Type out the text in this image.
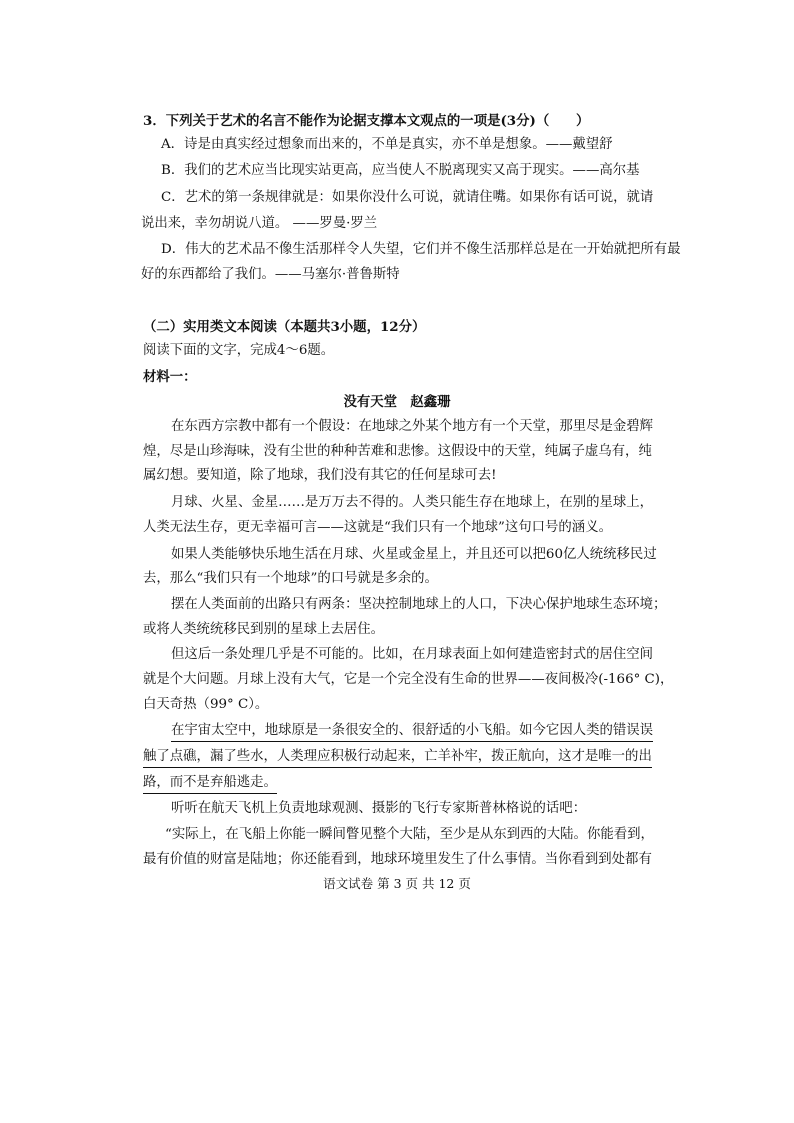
3．下列关于艺术的名言不能作为论据支撑本文观点的一项是(3分)（　　）
A．诗是由真实经过想象而出来的，不单是真实，亦不单是想象。——戴望舒
B．我们的艺术应当比现实站更高，应当使人不脱离现实又高于现实。——高尔基
C．艺术的第一条规律就是：如果你没什么可说，就请住嘴。如果你有话可说，就请
说出来，幸勿胡说八道。 ——罗曼·罗兰
D．伟大的艺术品不像生活那样令人失望，它们并不像生活那样总是在一开始就把所有最
好的东西都给了我们。——马塞尔·普鲁斯特
（二）实用类文本阅读（本题共3小题，12分）
阅读下面的文字，完成4～6题。
材料一：
没有天堂　赵鑫珊
在东西方宗教中都有一个假设：在地球之外某个地方有一个天堂，那里尽是金碧辉
煌，尽是山珍海味，没有尘世的种种苦难和悲惨。这假设中的天堂，纯属子虚乌有，纯
属幻想。要知道，除了地球，我们没有其它的任何星球可去!
月球、火星、金星……是万万去不得的。人类只能生存在地球上，在别的星球上，
人类无法生存，更无幸福可言——这就是“我们只有一个地球”这句口号的涵义。
如果人类能够快乐地生活在月球、火星或金星上，并且还可以把60亿人统统移民过
去，那么“我们只有一个地球”的口号就是多余的。
摆在人类面前的出路只有两条：坚决控制地球上的人口，下决心保护地球生态环境；
或将人类统统移民到别的星球上去居住。
但这后一条处理几乎是不可能的。比如，在月球表面上如何建造密封式的居住空间
就是个大问题。月球上没有大气，它是一个完全没有生命的世界——夜间极冷(-166° C)，
白天奇热（99° C）。
在宇宙太空中，地球原是一条很安全的、很舒适的小飞船。如今它因人类的错误误
触了点礁，漏了些水，人类理应积极行动起来，亡羊补牢，拨正航向，这才是唯一的出
路，而不是弃船逃走。
听听在航天飞机上负责地球观测、摄影的飞行专家斯普林格说的话吧：
“实际上，在飞船上你能一瞬间瞥见整个大陆，至少是从东到西的大陆。你能看到，
最有价值的财富是陆地；你还能看到，地球环境里发生了什么事情。当你看到到处都有
语文试卷 第 3 页 共 12 页
